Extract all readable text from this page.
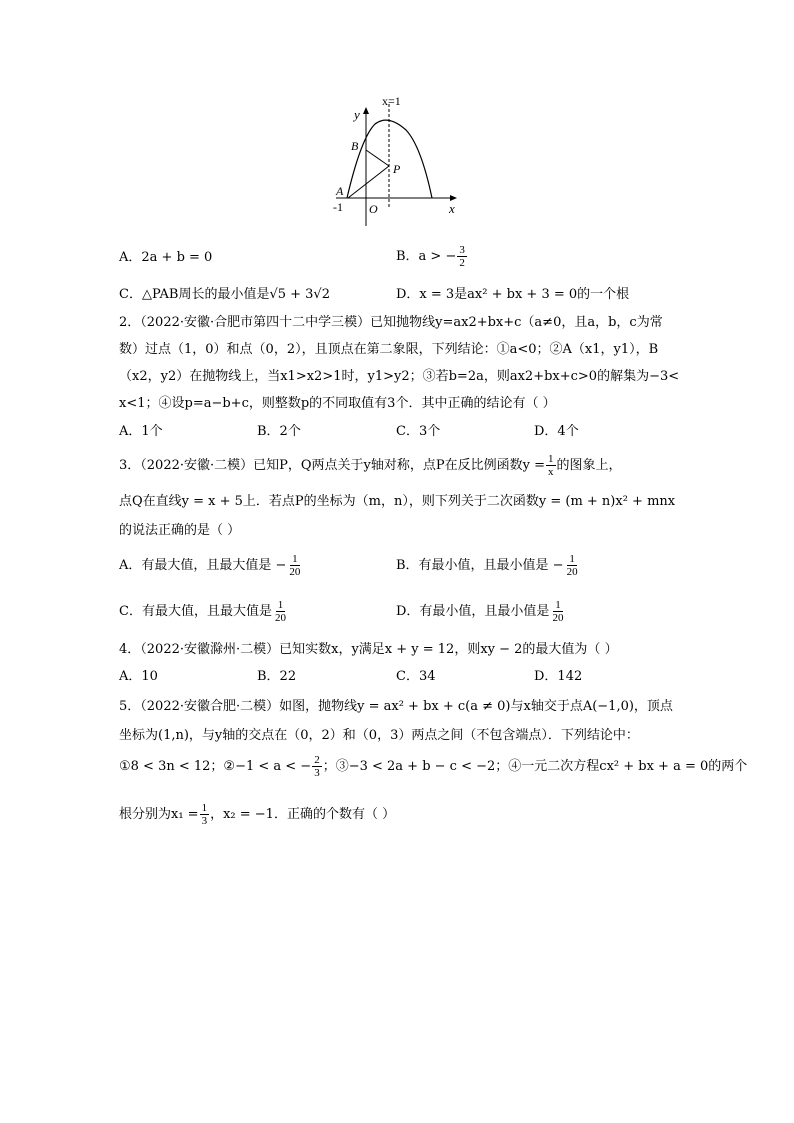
x=1
y
x
B
P
A
-1 O
A．2a + b = 0	B．a > − $\frac{3}{2}$
C．△PAB周长的最小值是√5 + 3√2	D．x = 3是ax² + bx + 3 = 0的一个根
2．（2022·安徽·合肥市第四十二中学三模）已知抛物线y=ax2+bx+c（a≠0，且a，b，c为常
数）过点（1，0）和点（0，2），且顶点在第二象限，下列结论：①a<0；②A（x1，y1），B
（x2，y2）在抛物线上，当x1>x2>1时，y1>y2；③若b=2a，则ax2+bx+c>0的解集为−3<
x<1；④设p=a−b+c，则整数p的不同取值有3个．其中正确的结论有（ ）
A．1个	B．2个	C．3个	D．4个
3．（2022·安徽·二模）已知P，Q两点关于y轴对称，点P在反比例函数$y = \frac{1}{x}$ 的图象上，
点Q在直线y = x + 5上．若点P的坐标为（m，n），则下列关于二次函数y = (m + n)x² + mnx
的说法正确的是（ ）
A．有最大值，且最大值是 − $\frac{1}{20}$	B．有最小值，且最小值是 − $\frac{1}{20}$
C．有最大值，且最大值是 $\frac{1}{20}$	D．有最小值，且最小值是 $\frac{1}{20}$
4．（2022·安徽滁州·二模）已知实数x，y满足x + y = 12，则xy − 2的最大值为（ ）
A．10	B．22	C．34	D．142
5．（2022·安徽合肥·二模）如图，抛物线y = ax² + bx + c(a ≠ 0)与x轴交于点A(−1,0)，顶点
坐标为(1,n)，与y轴的交点在（0，2）和（0，3）两点之间（不包含端点）．下列结论中：
①8 < 3n < 12；②−1 < a < − $\frac{2}{3}$ ；③−3 < 2a + b − c < −2；④一元二次方程cx² + bx + a = 0的两个
根分别为$x_1 = \frac{1}{3}$ ，x₂ = −1．正确的个数有（ ）
